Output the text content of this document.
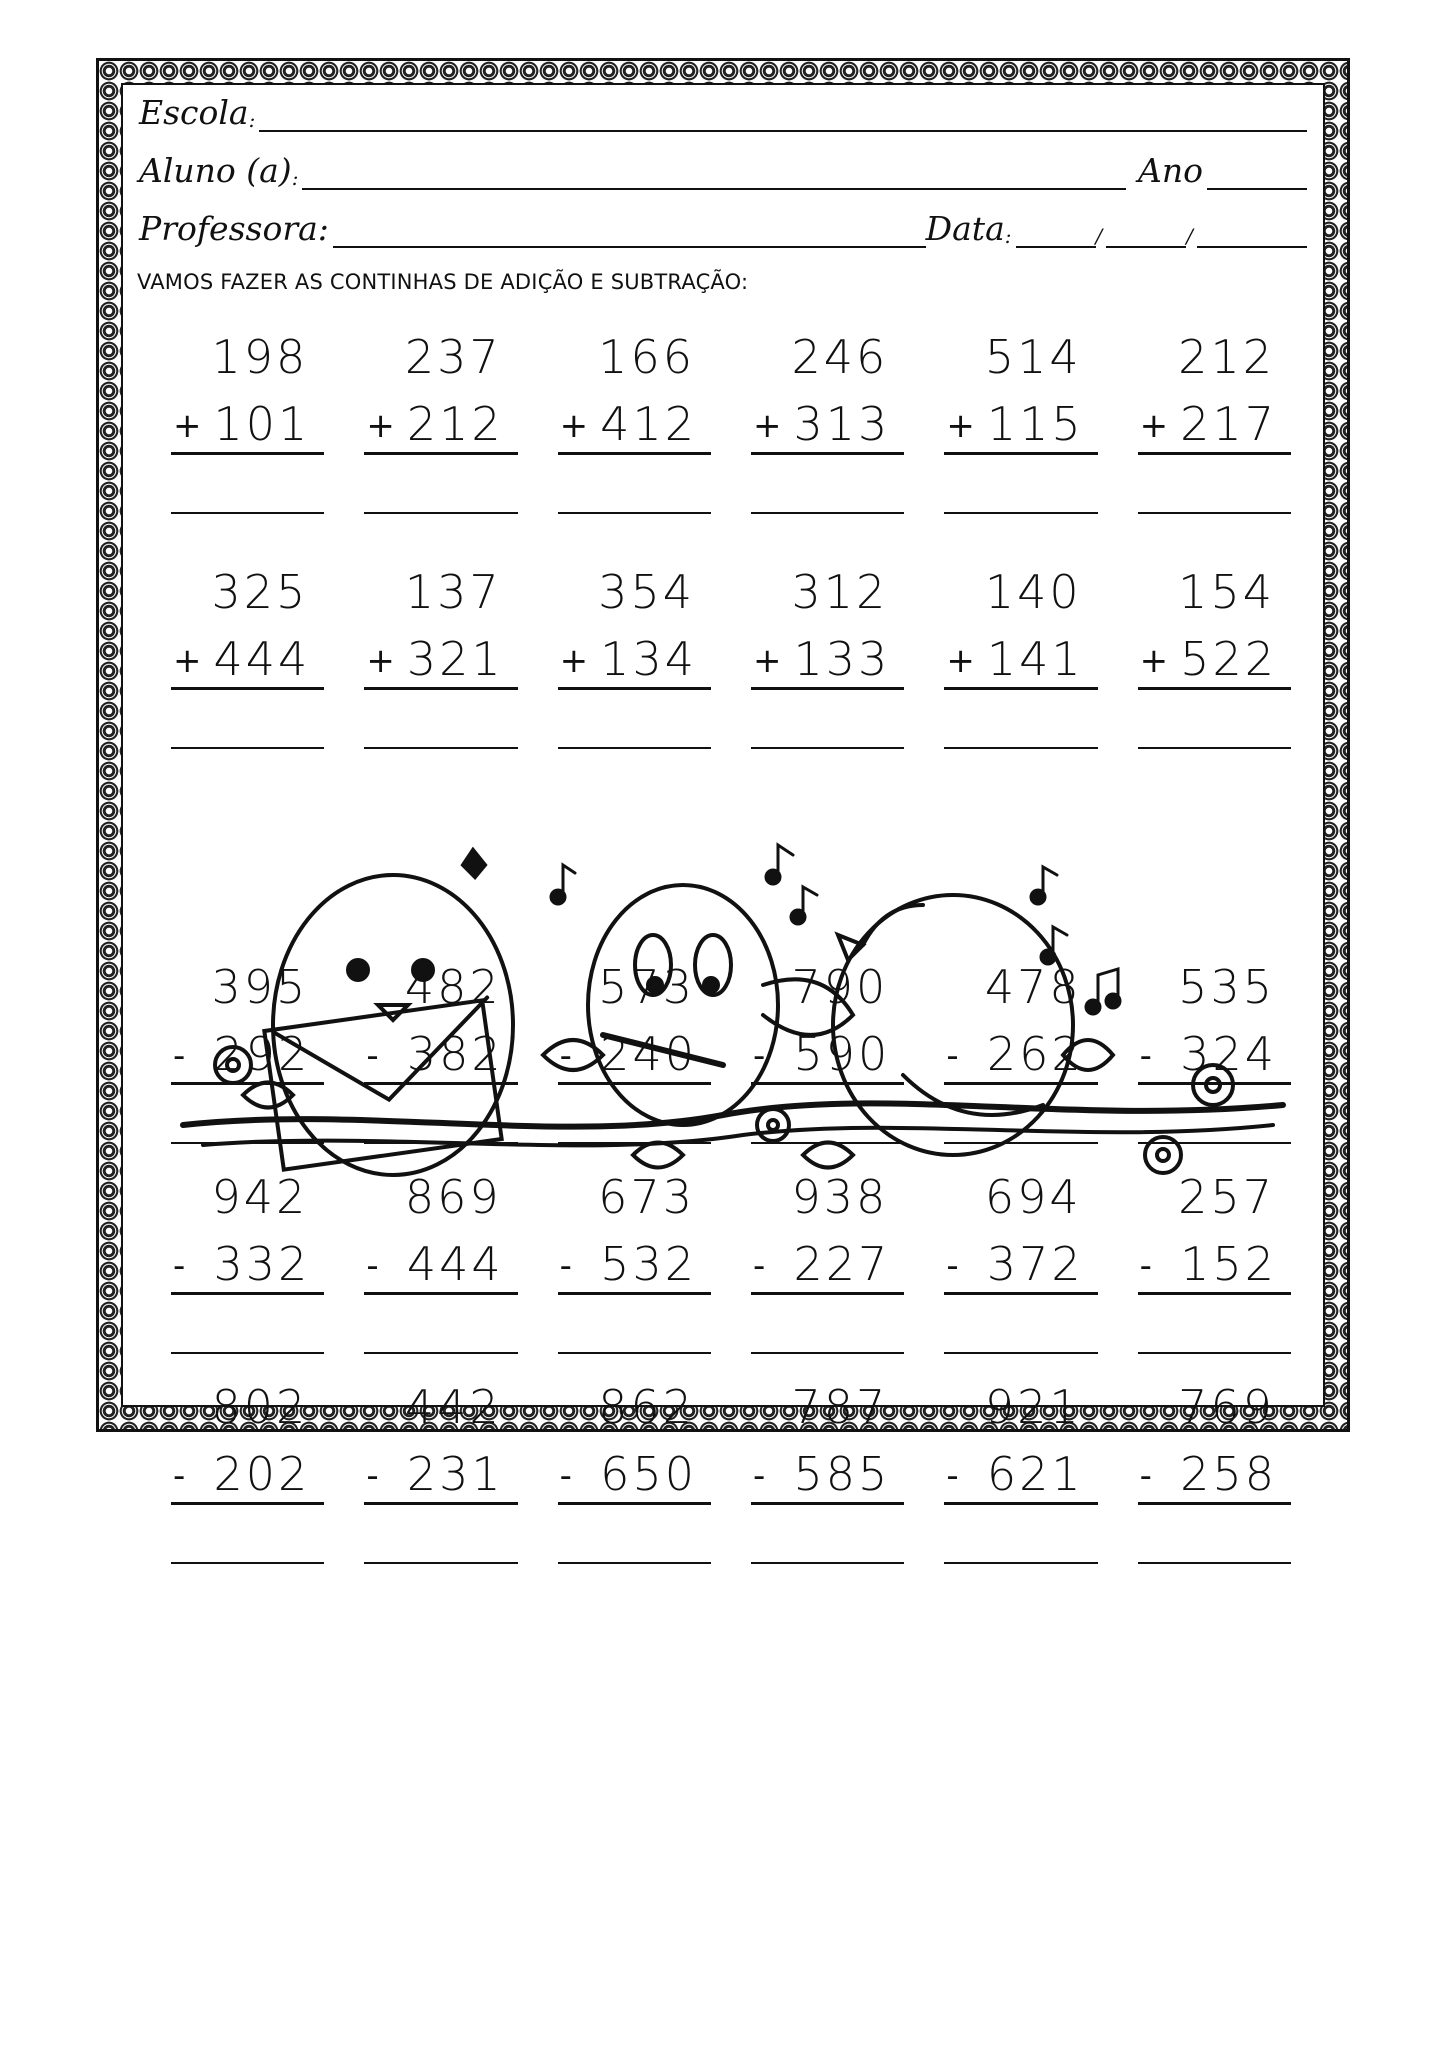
Escola :
Aluno (a) :	Ano
Professora:	Data :	/	/
VAMOS FAZER AS CONTINHAS DE ADIÇÃO E SUBTRAÇÃO:
198
+ 101
237
+ 212
166
+ 412
246
+ 313
514
+ 115
212
+ 217
325
+ 444
137
+ 321
354
+ 134
312
+ 133
140
+ 141
154
+ 522
395
- 292
482
- 382
573
- 240
790
- 590
478
- 262
535
- 324
942
- 332
869
- 444
673
- 532
938
- 227
694
- 372
257
- 152
802
- 202
442
- 231
862
- 650
787
- 585
921
- 621
769
- 258
